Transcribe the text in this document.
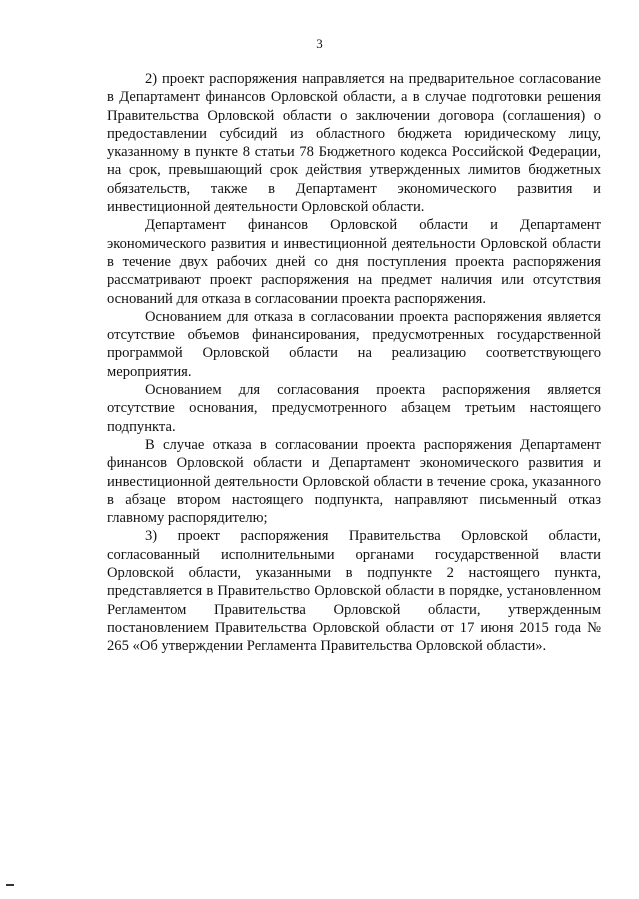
3

2) проект распоряжения направляется на предварительное согласование в Департамент финансов Орловской области, а в случае подготовки решения Правительства Орловской области о заключении договора (соглашения) о предоставлении субсидий из областного бюджета юридическому лицу, указанному в пункте 8 статьи 78 Бюджетного кодекса Российской Федерации, на срок, превышающий срок действия утвержденных лимитов бюджетных обязательств, также в Департамент экономического развития и инвестиционной деятельности Орловской области.

Департамент финансов Орловской области и Департамент экономического развития и инвестиционной деятельности Орловской области в течение двух рабочих дней со дня поступления проекта распоряжения рассматривают проект распоряжения на предмет наличия или отсутствия оснований для отказа в согласовании проекта распоряжения.

Основанием для отказа в согласовании проекта распоряжения является отсутствие объемов финансирования, предусмотренных государственной программой Орловской области на реализацию соответствующего мероприятия.

Основанием для согласования проекта распоряжения является отсутствие основания, предусмотренного абзацем третьим настоящего подпункта.

В случае отказа в согласовании проекта распоряжения Департамент финансов Орловской области и Департамент экономического развития и инвестиционной деятельности Орловской области в течение срока, указанного в абзаце втором настоящего подпункта, направляют письменный отказ главному распорядителю;

3) проект распоряжения Правительства Орловской области, согласованный исполнительными органами государственной власти Орловской области, указанными в подпункте 2 настоящего пункта, представляется в Правительство Орловской области в порядке, установленном Регламентом Правительства Орловской области, утвержденным постановлением Правительства Орловской области от 17 июня 2015 года № 265 «Об утверждении Регламента Правительства Орловской области».
